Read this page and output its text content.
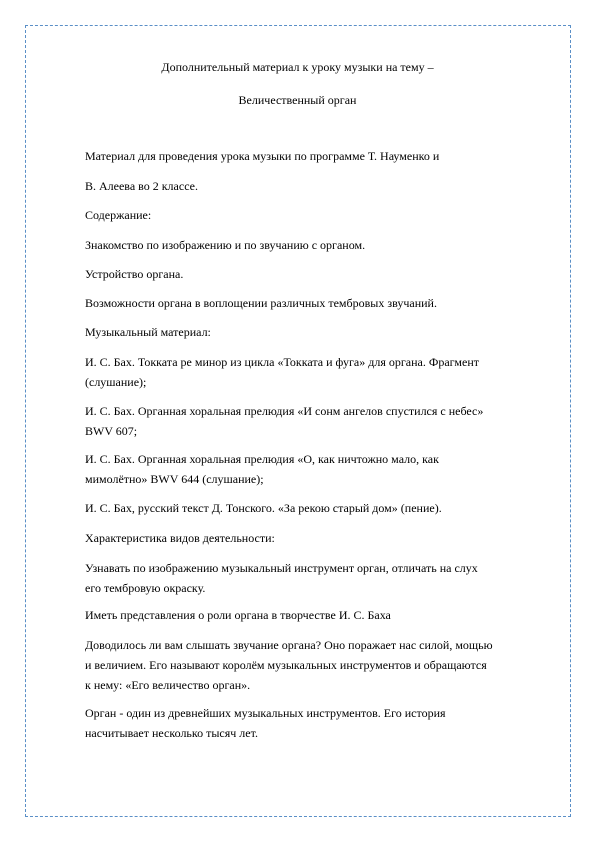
Дополнительный материал к уроку музыки на тему –
Величественный орган
Материал для проведения урока музыки по программе Т. Науменко и
В. Алеева во 2 классе.
Содержание:
Знакомство по изображению и по звучанию с органом.
Устройство органа.
Возможности органа в воплощении различных тембровых звучаний.
Музыкальный материал:
И. С. Бах. Токката ре минор из цикла «Токката и фуга» для органа. Фрагмент
(слушание);
И. С. Бах. Органная хоральная прелюдия «И сонм ангелов спустился с небес»
BWV 607;
И. С. Бах. Органная хоральная прелюдия «О, как ничтожно мало, как
мимолётно» BWV 644 (слушание);
И. С. Бах, русский текст Д. Тонского. «За рекою старый дом» (пение).
Характеристика видов деятельности:
Узнавать по изображению музыкальный инструмент орган, отличать на слух
его тембровую окраску.
Иметь представления о роли органа в творчестве И. С. Баха
Доводилось ли вам слышать звучание органа? Оно поражает нас силой, мощью
и величием. Его называют королём музыкальных инструментов и обращаются
к нему: «Его величество орган».
Орган - один из древнейших музыкальных инструментов. Его история
насчитывает несколько тысяч лет.
